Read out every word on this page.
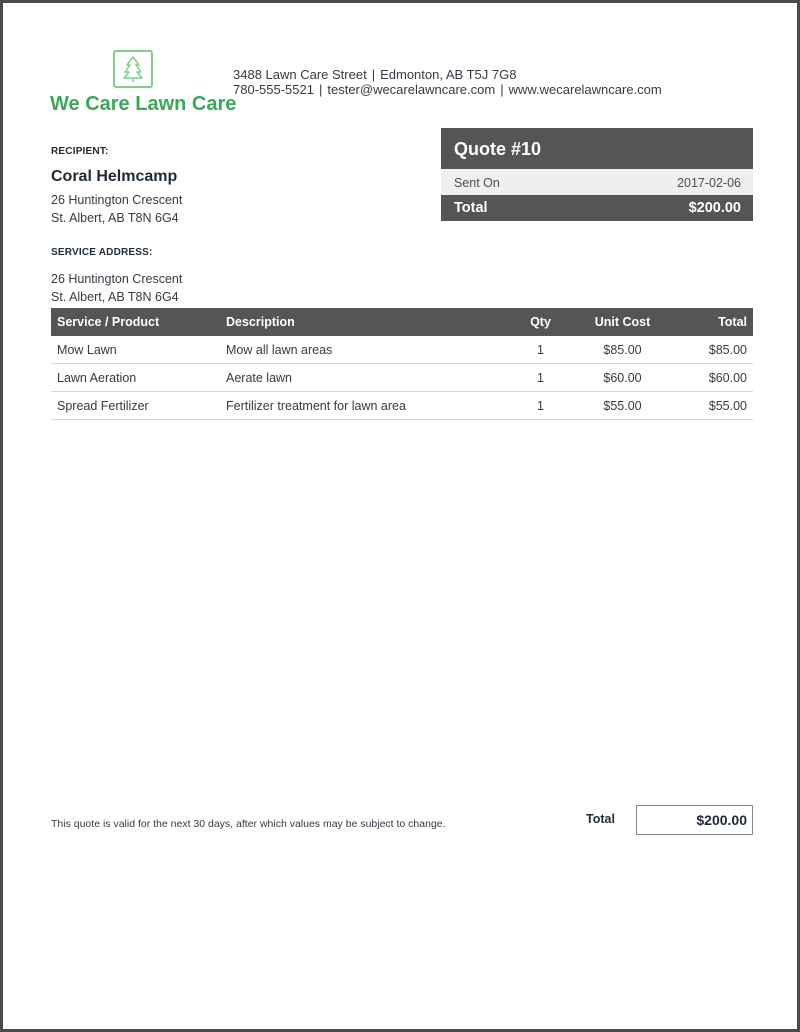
We Care Lawn Care
3488 Lawn Care Street | Edmonton, AB T5J 7G8
780-555-5521 | tester@wecarelawncare.com | www.wecarelawncare.com
RECIPIENT:
Coral Helmcamp
26 Huntington Crescent
St. Albert, AB T8N 6G4
SERVICE ADDRESS:
26 Huntington Crescent
St. Albert, AB T8N 6G4
Quote #10
Sent On	2017-02-06
Total	$200.00
Service / Product	Description	Qty	Unit Cost	Total
Mow Lawn	Mow all lawn areas	1	$85.00	$85.00
Lawn Aeration	Aerate lawn	1	$60.00	$60.00
Spread Fertilizer	Fertilizer treatment for lawn area	1	$55.00	$55.00
This quote is valid for the next 30 days, after which values may be subject to change.	Total	$200.00
